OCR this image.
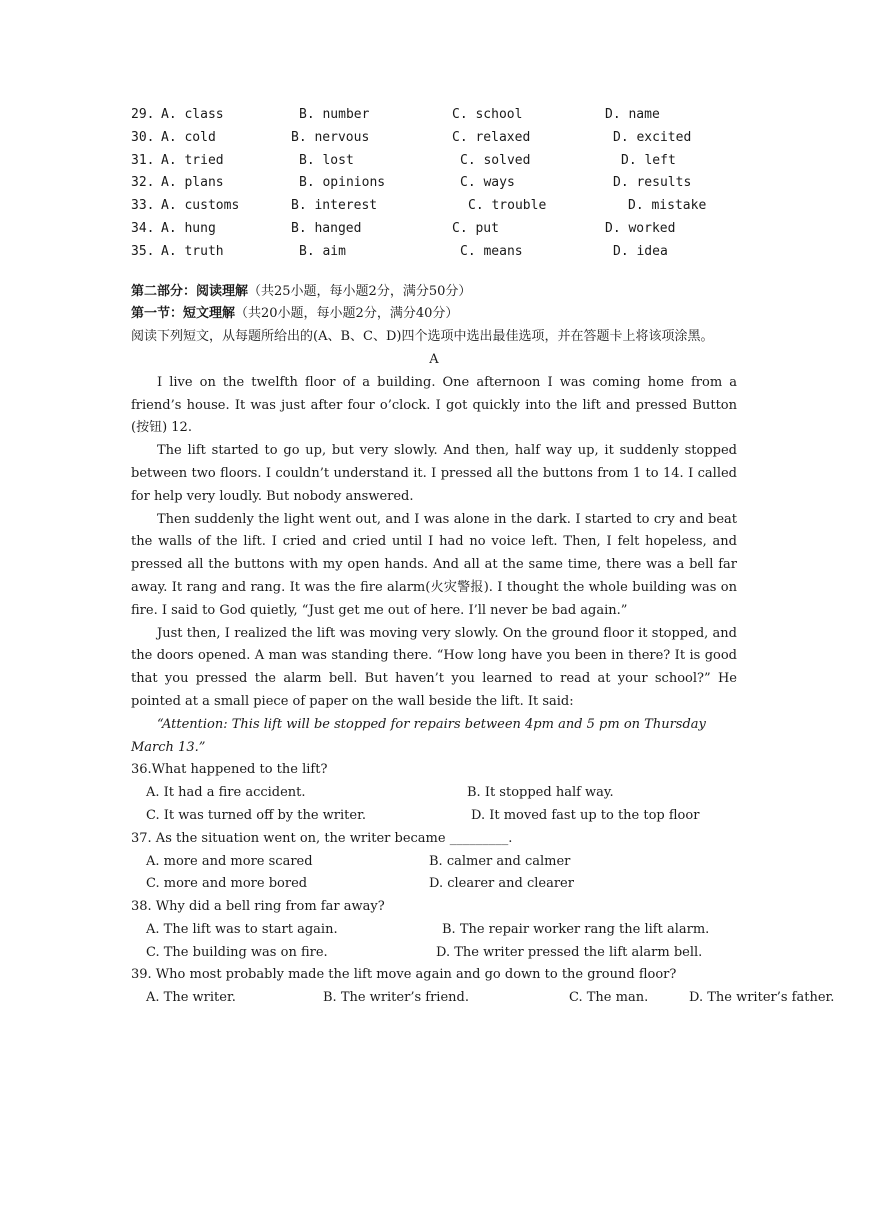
29. A. class	B. number	C. school	D. name
30. A. cold	B. nervous	C. relaxed	D. excited
31. A. tried	B. lost	C. solved	D. left
32. A. plans	B. opinions	C. ways	D. results
33. A. customs	B. interest	C. trouble	D. mistake
34. A. hung	B. hanged	C. put	D. worked
35. A. truth	B. aim	C. means	D. idea
第二部分：阅读理解（共25小题，每小题2分，满分50分）
第一节：短文理解（共20小题，每小题2分，满分40分）
阅读下列短文，从每题所给出的(A、B、C、D)四个选项中选出最佳选项，并在答题卡上将该项涂黑。
A
I live on the twelfth floor of a building. One afternoon I was coming home from a friend’s house. It was just after four o’clock. I got quickly into the lift and pressed Button (按钮) 12.
The lift started to go up, but very slowly. And then, half way up, it suddenly stopped between two floors. I couldn’t understand it. I pressed all the buttons from 1 to 14. I called for help very loudly. But nobody answered.
Then suddenly the light went out, and I was alone in the dark. I started to cry and beat the walls of the lift. I cried and cried until I had no voice left. Then, I felt hopeless, and pressed all the buttons with my open hands. And all at the same time, there was a bell far away. It rang and rang. It was the fire alarm(火灾警报). I thought the whole building was on fire. I said to God quietly, “Just get me out of here. I’ll never be bad again.”
Just then, I realized the lift was moving very slowly. On the ground floor it stopped, and the doors opened. A man was standing there. “How long have you been in there? It is good that you pressed the alarm bell. But haven’t you learned to read at your school?” He pointed at a small piece of paper on the wall beside the lift. It said:
“Attention: This lift will be stopped for repairs between 4pm and 5 pm on Thursday March 13.”
36.What happened to the lift?
A. It had a fire accident.	B. It stopped half way.
C. It was turned off by the writer.	D. It moved fast up to the top floor
37. As the situation went on, the writer became _________.
A. more and more scared	B. calmer and calmer
C. more and more bored	D. clearer and clearer
38. Why did a bell ring from far away?
A. The lift was to start again.	B. The repair worker rang the lift alarm.
C. The building was on fire.	D. The writer pressed the lift alarm bell.
39. Who most probably made the lift move again and go down to the ground floor?
A. The writer.	B. The writer’s friend.	C. The man.	D. The writer’s father.
